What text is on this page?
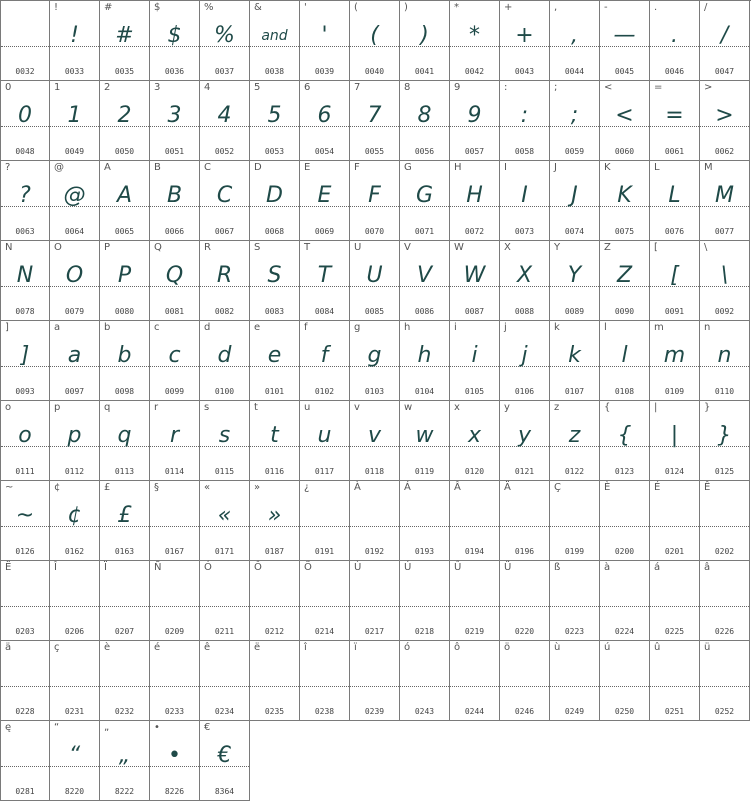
0032
!
!
0033
#
#
0035
$
$
0036
%
%
0037
&
and
0038
'
'
0039
(
(
0040
)
)
0041
*
*
0042
+
+
0043
,
,
0044
-
—
0045
.
.
0046
/
/
0047
0
0
0048
1
1
0049
2
2
0050
3
3
0051
4
4
0052
5
5
0053
6
6
0054
7
7
0055
8
8
0056
9
9
0057
:
:
0058
;
;
0059
<
<
0060
=
=
0061
>
>
0062
?
?
0063
@
@
0064
A
A
0065
B
B
0066
C
C
0067
D
D
0068
E
E
0069
F
F
0070
G
G
0071
H
H
0072
I
I
0073
J
J
0074
K
K
0075
L
L
0076
M
M
0077
N
N
0078
O
O
0079
P
P
0080
Q
Q
0081
R
R
0082
S
S
0083
T
T
0084
U
U
0085
V
V
0086
W
W
0087
X
X
0088
Y
Y
0089
Z
Z
0090
[
[
0091
\
\
0092
]
]
0093
a
a
0097
b
b
0098
c
c
0099
d
d
0100
e
e
0101
f
f
0102
g
g
0103
h
h
0104
i
i
0105
j
j
0106
k
k
0107
l
l
0108
m
m
0109
n
n
0110
o
o
0111
p
p
0112
q
q
0113
r
r
0114
s
s
0115
t
t
0116
u
u
0117
v
v
0118
w
w
0119
x
x
0120
y
y
0121
z
z
0122
{
{
0123
|
|
0124
}
}
0125
~
~
0126
¢
¢
0162
£
£
0163
§
0167
«
«
0171
»
»
0187
¿
0191
À
0192
Á
0193
Â
0194
Ä
0196
Ç
0199
È
0200
É
0201
Ê
0202
Ë
0203
Î
0206
Ï
0207
Ñ
0209
Ó
0211
Ô
0212
Ö
0214
Ù
0217
Ú
0218
Û
0219
Ü
0220
ß
0223
à
0224
á
0225
â
0226
ä
0228
ç
0231
è
0232
é
0233
ê
0234
ë
0235
î
0238
ï
0239
ó
0243
ô
0244
ö
0246
ù
0249
ú
0250
û
0251
ü
0252
ę
0281
“
“
8220
„
„
8222
•
•
8226
€
€
8364
